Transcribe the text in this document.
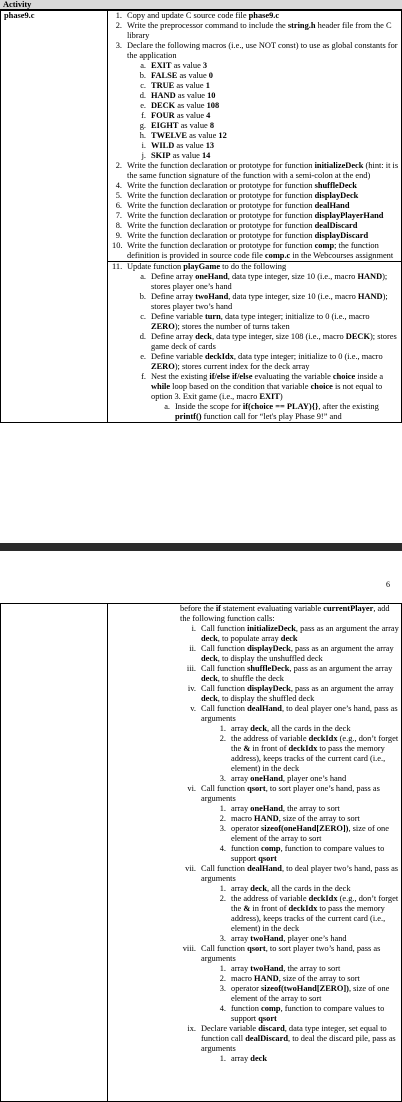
Activity
phase9.c	1. Copy and update C source code file phase9.c
2. Write the preprocessor command to include the string.h header file from the C library
3. Declare the following macros (i.e., use NOT const) to use as global constants for the application
a. EXIT as value 3
b. FALSE as value 0
c. TRUE as value 1
d. HAND as value 10
e. DECK as value 108
f. FOUR as value 4
g. EIGHT as value 8
h. TWELVE as value 12
i. WILD as value 13
j. SKIP as value 14
2. Write the function declaration or prototype for function initializeDeck (hint: it is the same function signature of the function with a semi-colon at the end)
4. Write the function declaration or prototype for function shuffleDeck
5. Write the function declaration or prototype for function displayDeck
6. Write the function declaration or prototype for function dealHand
7. Write the function declaration or prototype for function displayPlayerHand
8. Write the function declaration or prototype for function dealDiscard
9. Write the function declaration or prototype for function displayDiscard
10. Write the function declaration or prototype for function comp; the function definition is provided in source code file comp.c in the Webcourses assignment

11. Update function playGame to do the following
a. Define array oneHand, data type integer, size 10 (i.e., macro HAND); stores player one’s hand
b. Define array twoHand, data type integer, size 10 (i.e., macro HAND); stores player two’s hand
c. Define variable turn, data type integer; initialize to 0 (i.e., macro ZERO); stores the number of turns taken
d. Define array deck, data type integer, size 108 (i.e., macro DECK); stores game deck of cards
e. Define variable deckIdx, data type integer; initialize to 0 (i.e., macro ZERO); stores current index for the deck array
f. Nest the existing if/else if/else evaluating the variable choice inside a while loop based on the condition that variable choice is not equal to option 3. Exit game (i.e., macro EXIT)
a. Inside the scope for if(choice == PLAY){}, after the existing printf() function call for “let's play Phase 9!” and
6

before the if statement evaluating variable currentPlayer, add the following function calls:
i. Call function initializeDeck, pass as an argument the array deck, to populate array deck
ii. Call function displayDeck, pass as an argument the array deck, to display the unshuffled deck
iii. Call function shuffleDeck, pass as an argument the array deck, to shuffle the deck
iv. Call function displayDeck, pass as an argument the array deck, to display the shuffled deck
v. Call function dealHand, to deal player one’s hand, pass as arguments
1. array deck, all the cards in the deck
2. the address of variable deckIdx (e.g., don’t forget the & in front of deckIdx to pass the memory address), keeps tracks of the current card (i.e., element) in the deck
3. array oneHand, player one’s hand
vi. Call function qsort, to sort player one’s hand, pass as arguments
1. array oneHand, the array to sort
2. macro HAND, size of the array to sort
3. operator sizeof(oneHand[ZERO]), size of one element of the array to sort
4. function comp, function to compare values to support qsort
vii. Call function dealHand, to deal player two’s hand, pass as arguments
1. array deck, all the cards in the deck
2. the address of variable deckIdx (e.g., don’t forget the & in front of deckIdx to pass the memory address), keeps tracks of the current card (i.e., element) in the deck
3. array twoHand, player one’s hand
viii. Call function qsort, to sort player two’s hand, pass as arguments
1. array twoHand, the array to sort
2. macro HAND, size of the array to sort
3. operator sizeof(twoHand[ZERO]), size of one element of the array to sort
4. function comp, function to compare values to support qsort
ix. Declare variable discard, data type integer, set equal to function call dealDiscard, to deal the discard pile, pass as arguments
1. array deck
